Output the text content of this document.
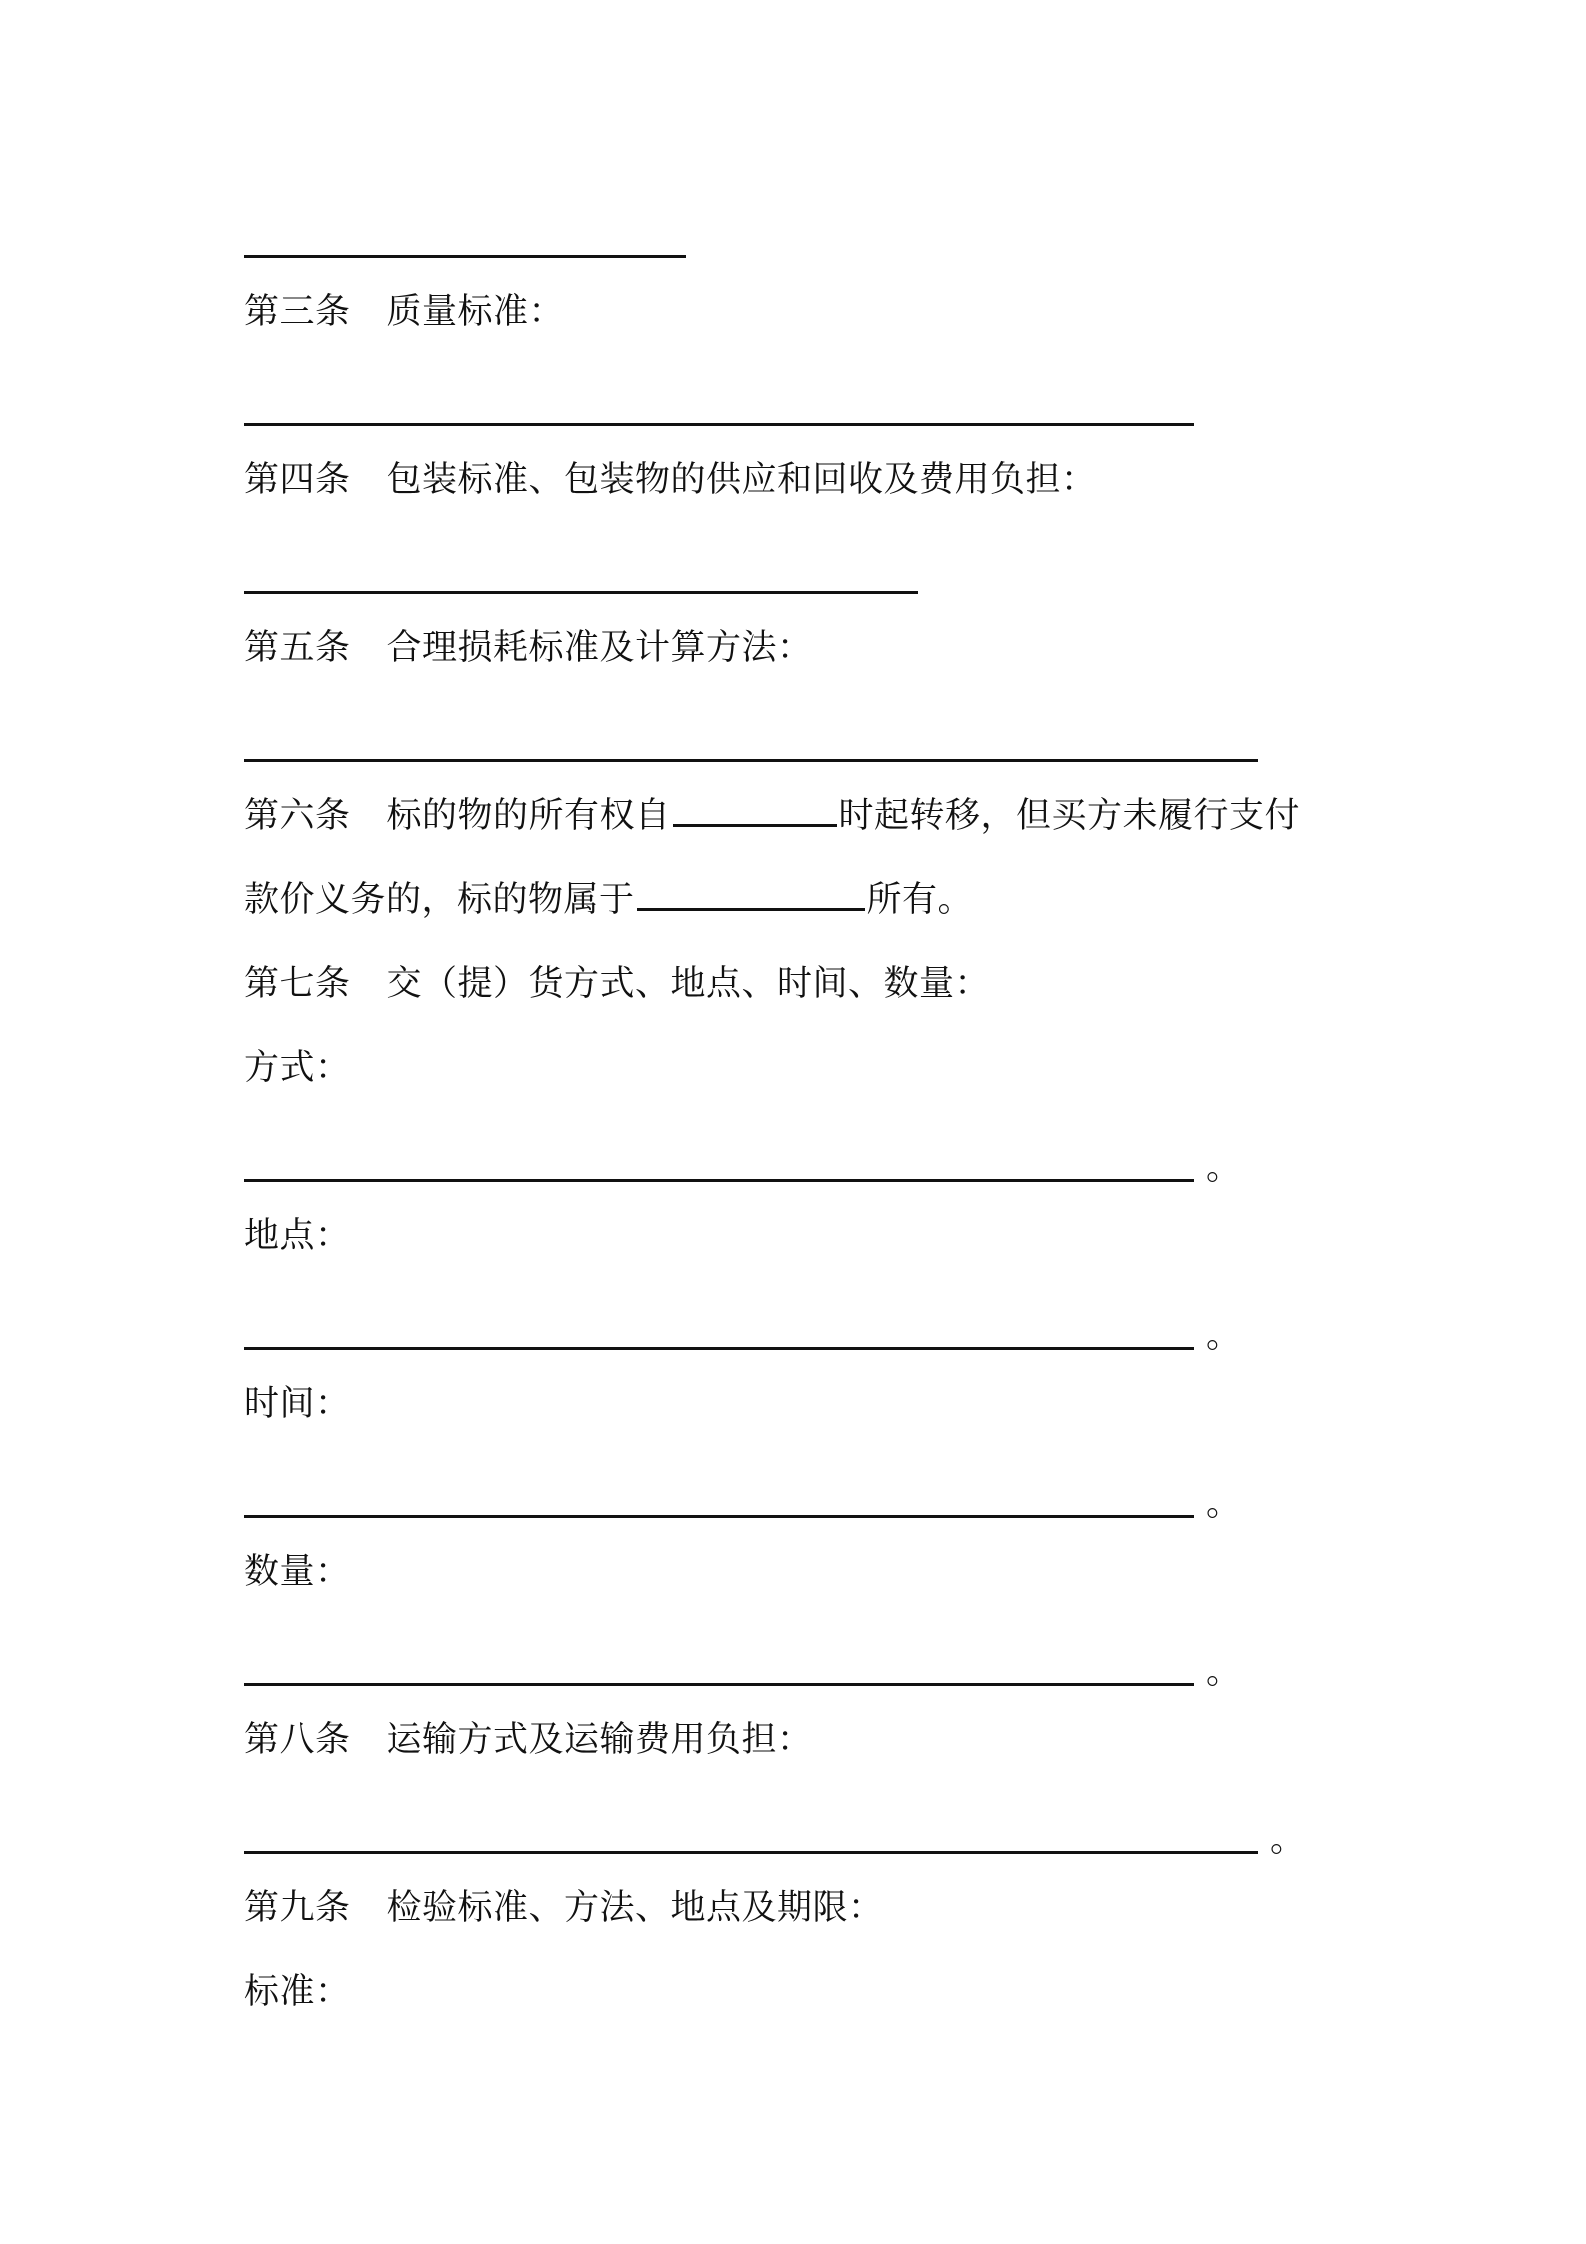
第三条 质量标准：
第四条 包装标准、包装物的供应和回收及费用负担：
第五条 合理损耗标准及计算方法：
第六条 标的物的所有权自	时起转移，但买方未履行支付
款价义务的，标的物属于	所有。
第七条 交（提）货方式、地点、时间、数量：
方式：
。
地点：
。
时间：
。
数量：
。
第八条 运输方式及运输费用负担：
。
第九条 检验标准、方法、地点及期限：
标准：
